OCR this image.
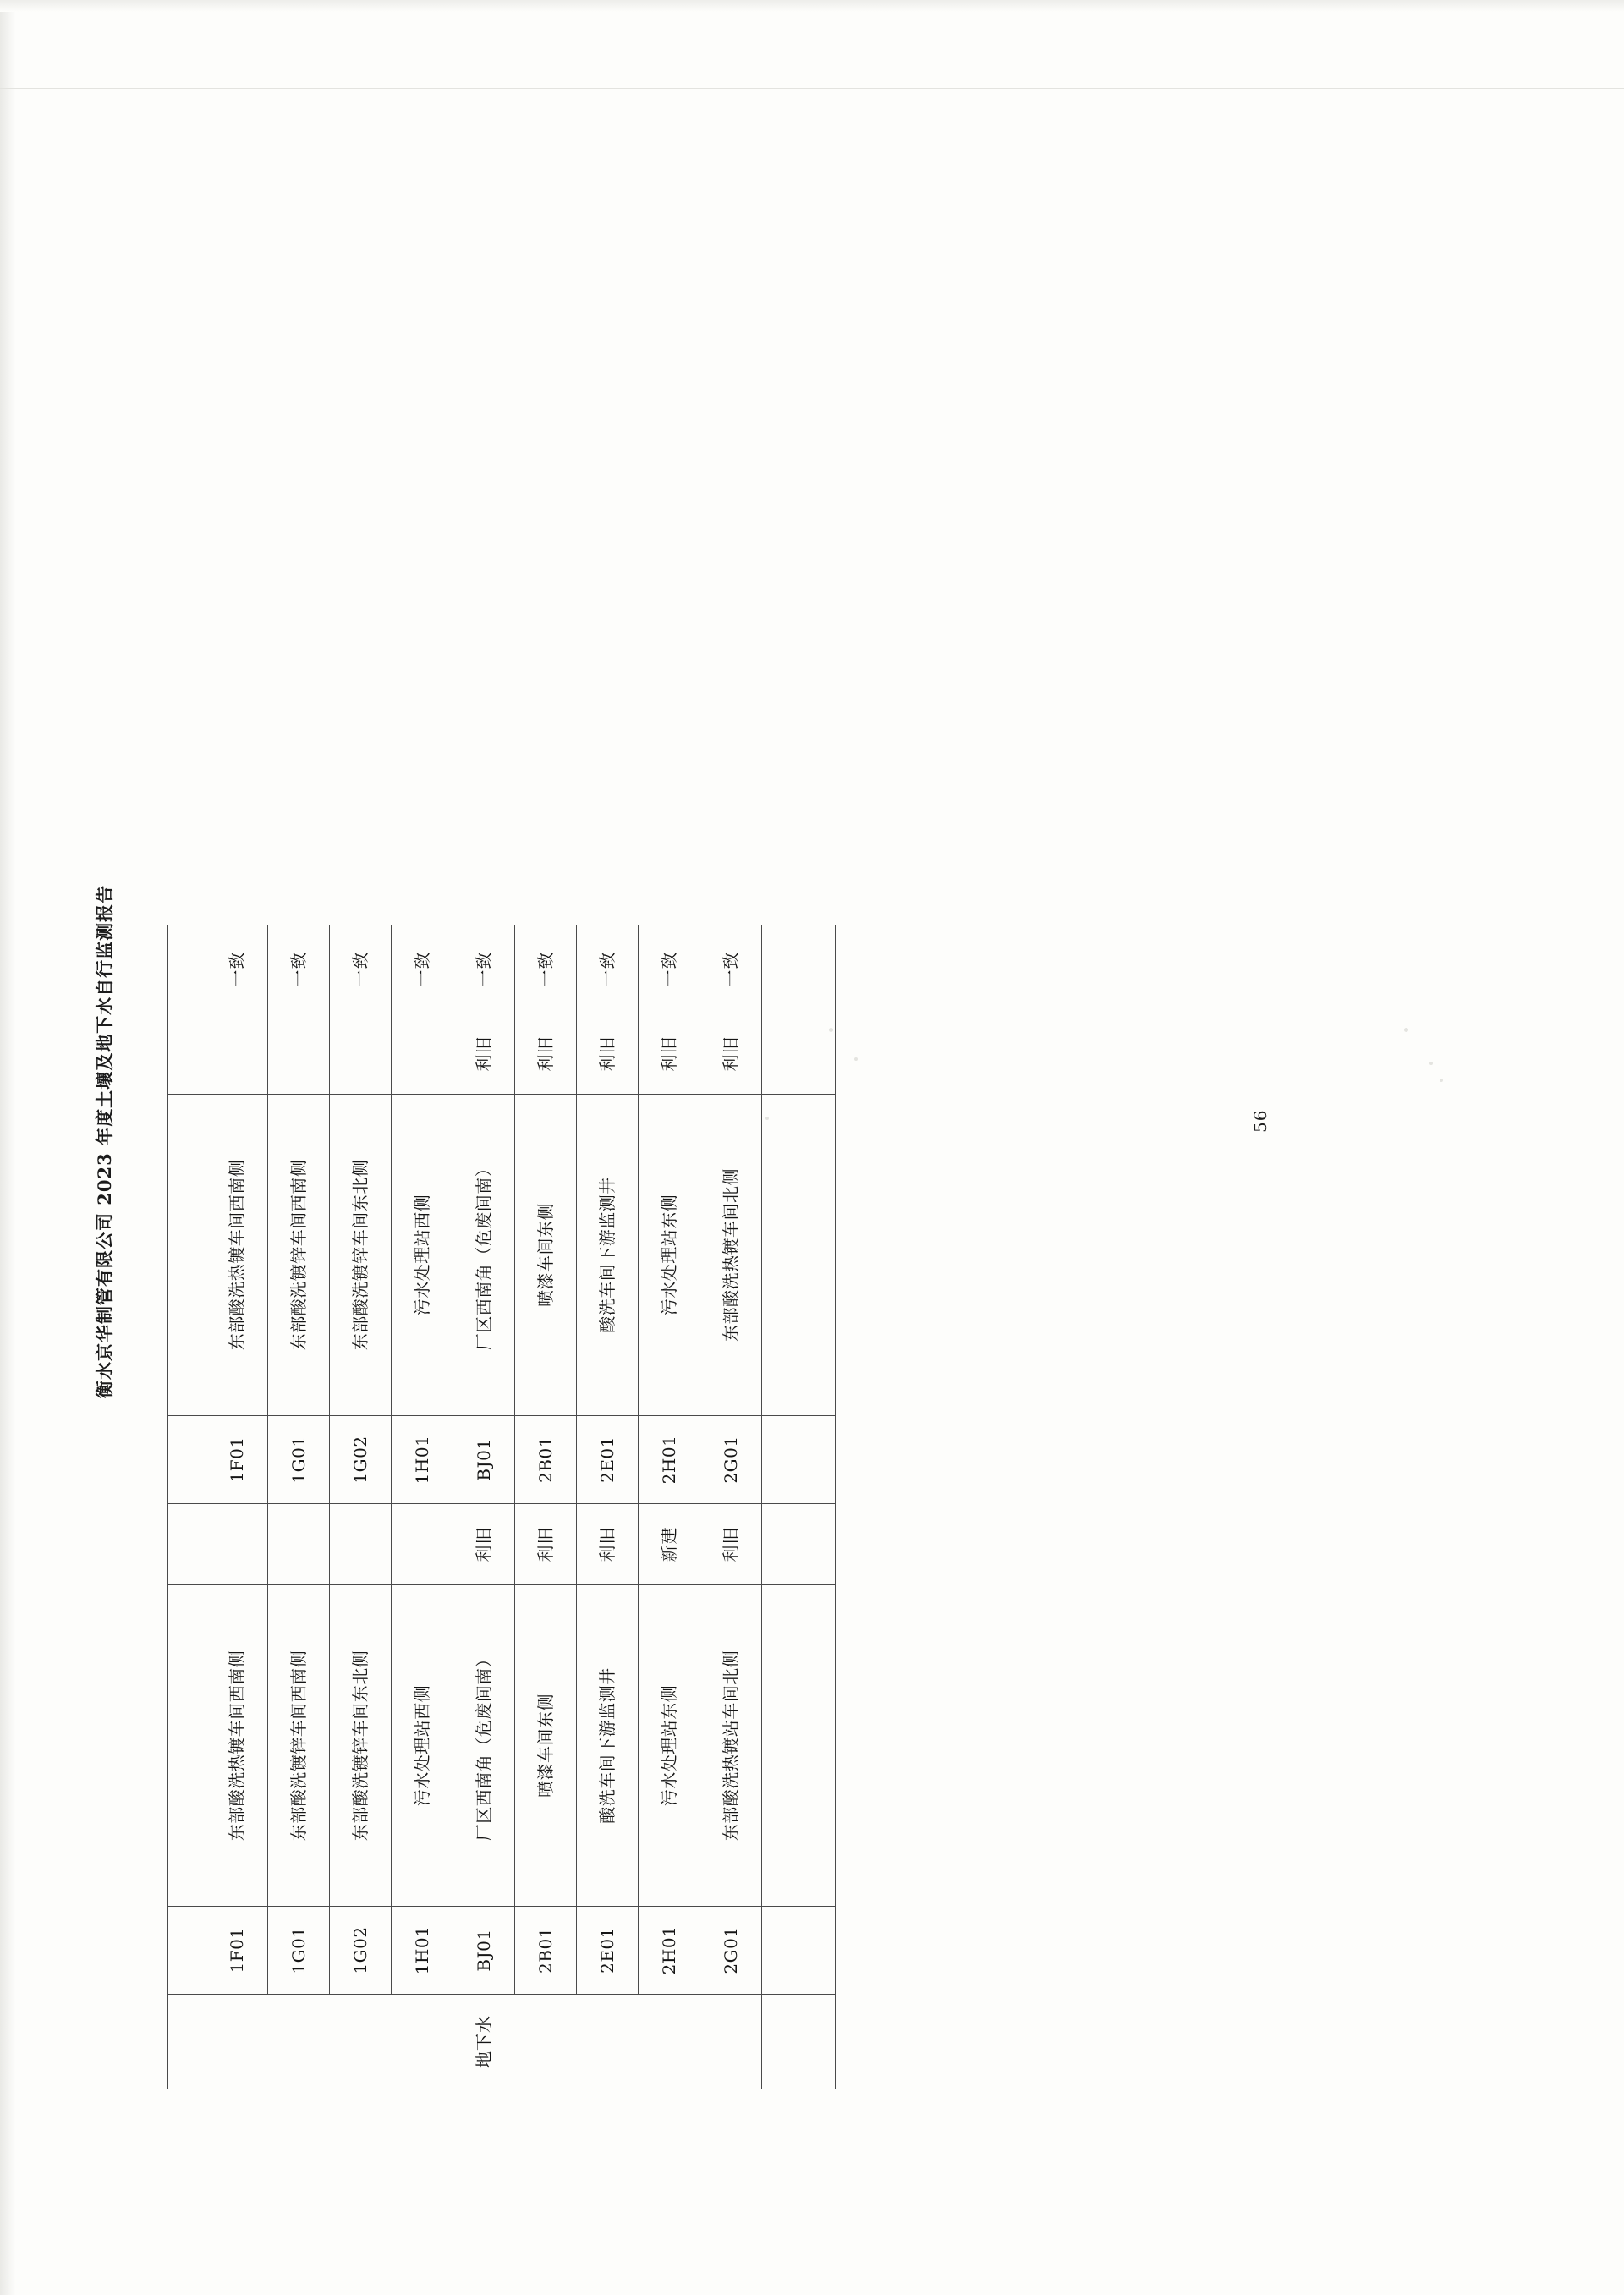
衡水京华制管有限公司 2023 年度土壤及地下水自行监测报告	56

地下水	1F01	东部酸洗热镀车间西南侧		1F01	东部酸洗热镀车间西南侧		一致
	1G01	东部酸洗镀锌车间西南侧		1G01	东部酸洗镀锌车间西南侧		一致
	1G02	东部酸洗镀锌车间东北侧		1G02	东部酸洗镀锌车间东北侧		一致
	1H01	污水处理站西侧		1H01	污水处理站西侧		一致
	BJ01	厂区西南角（危废间南）	利旧	BJ01	厂区西南角（危废间南）	利旧	一致
	2B01	喷漆车间东侧	利旧	2B01	喷漆车间东侧	利旧	一致
	2E01	酸洗车间下游监测井	利旧	2E01	酸洗车间下游监测井	利旧	一致
	2H01	污水处理站东侧	新建	2H01	污水处理站东侧	利旧	一致
	2G01	东部酸洗热镀站车间北侧	利旧	2G01	东部酸洗热镀车间北侧	利旧	一致
